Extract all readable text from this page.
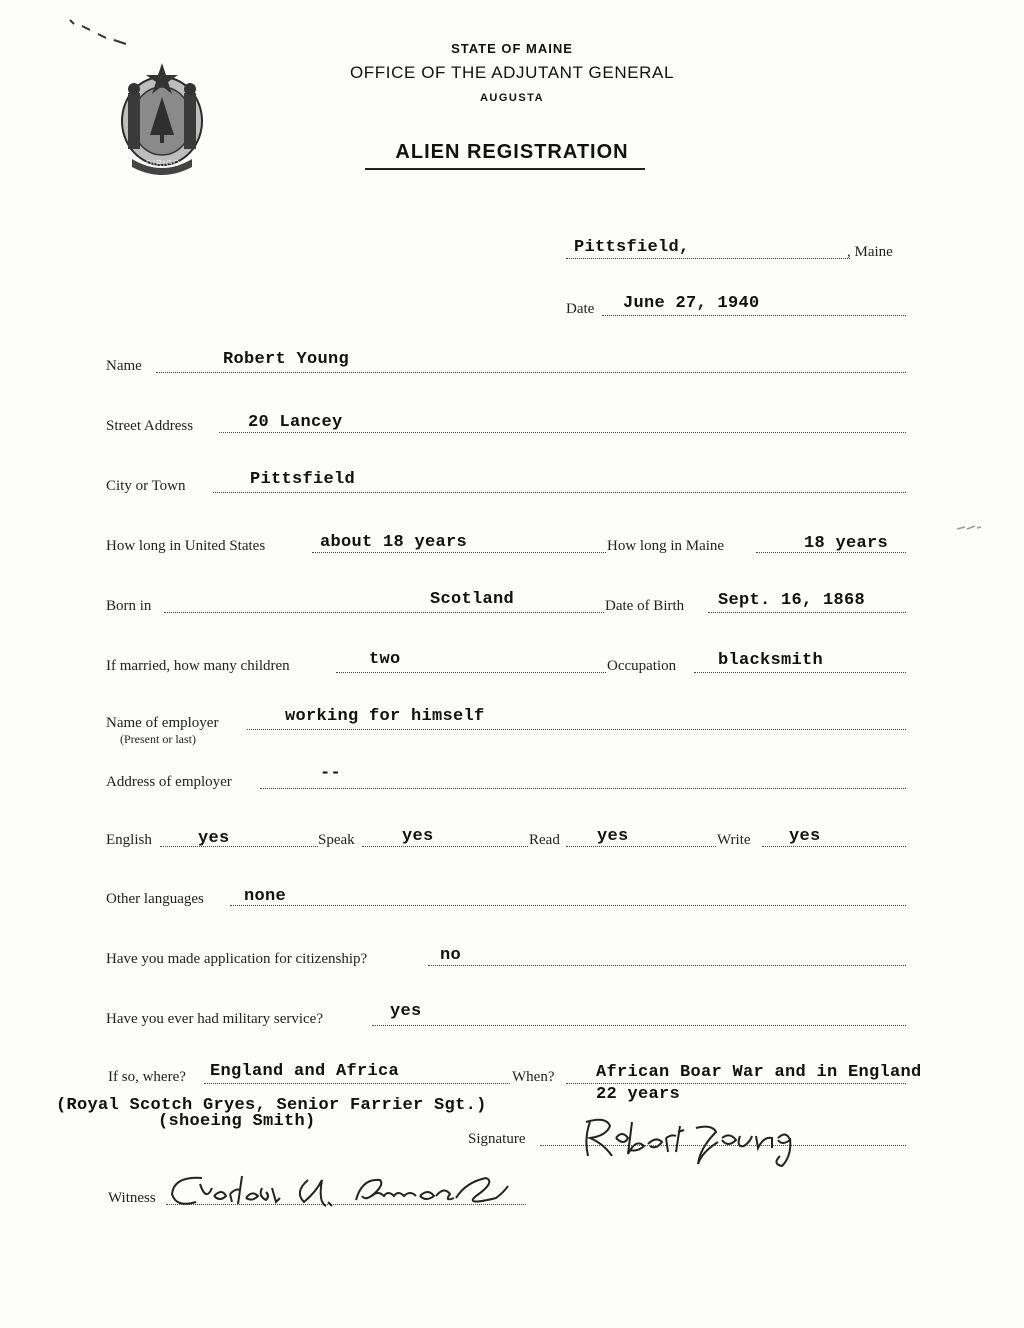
DIRIGO
STATE OF MAINE
OFFICE OF THE ADJUTANT GENERAL
AUGUSTA
ALIEN REGISTRATION
Pittsfield,	, Maine
Date June 27, 1940
Name	Robert Young
Street Address	20 Lancey
City or Town	Pittsfield
How long in United States	about 18 years	How long in Maine	18 years
Born in	Scotland	Date of Birth Sept. 16, 1868
If married, how many children	two	Occupation blacksmith
Name of employer
(Present or last)
working for himself
Address of employer	--
English	yes	Speak	yes	Read yes	Write yes
Other languages none
Have you made application for citizenship?	no
Have you ever had military service?	yes
If so, where? England and Africa	When? African Boar War and in England
22 years
(Royal Scotch Gryes, Senior Farrier Sgt.)
(shoeing Smith)
Signature
Witness
